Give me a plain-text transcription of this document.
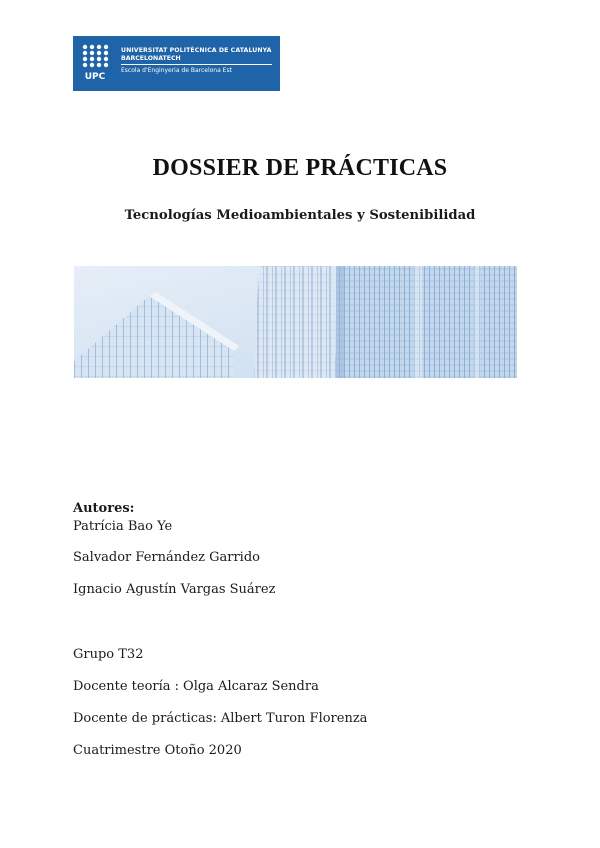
UPC
UNIVERSITAT POLITÈCNICA DE CATALUNYA
BARCELONATECH
Escola d'Enginyeria de Barcelona Est
DOSSIER DE PRÁCTICAS
Tecnologías Medioambientales y Sostenibilidad
Autores:
Patrícia Bao Ye
Salvador Fernández Garrido
Ignacio Agustín Vargas Suárez
Grupo T32
Docente teoría : Olga Alcaraz Sendra
Docente de prácticas: Albert Turon Florenza
Cuatrimestre Otoño 2020
